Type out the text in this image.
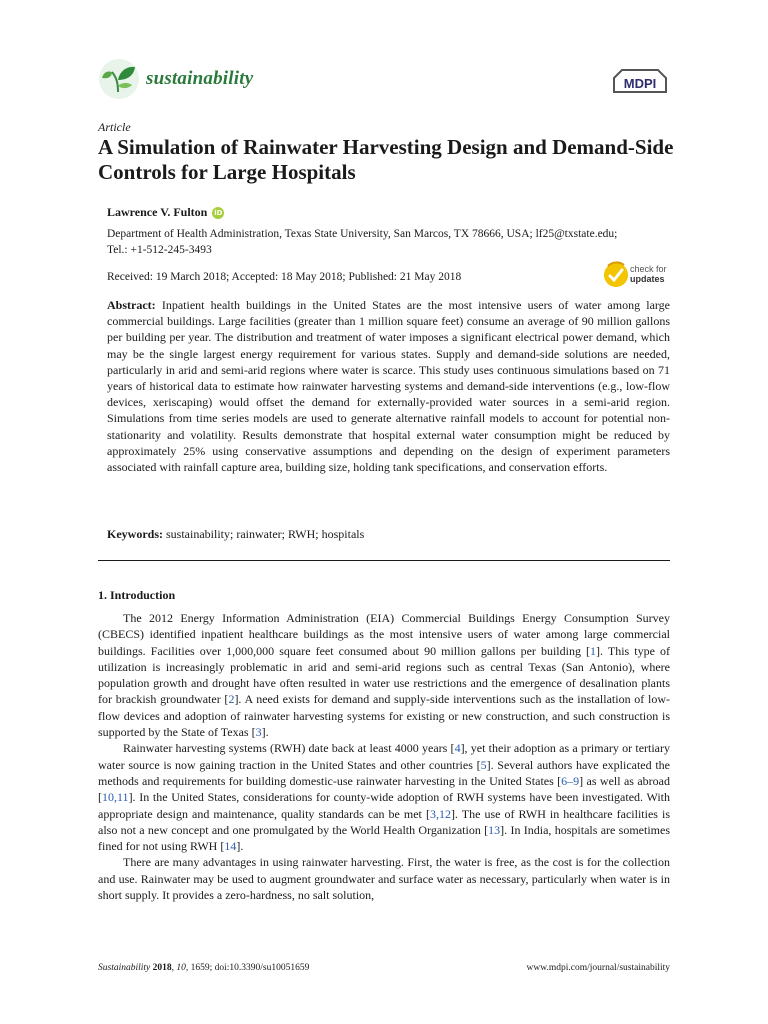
sustainability	MDPI
Article
A Simulation of Rainwater Harvesting Design and Demand-Side Controls for Large Hospitals
Lawrence V. Fulton iD
Department of Health Administration, Texas State University, San Marcos, TX 78666, USA; lf25@txstate.edu;
Tel.: +1-512-245-3493
Received: 19 March 2018; Accepted: 18 May 2018; Published: 21 May 2018
check for
updates

Abstract: Inpatient health buildings in the United States are the most intensive users of water among large commercial buildings. Large facilities (greater than 1 million square feet) consume an average of 90 million gallons per building per year. The distribution and treatment of water imposes a significant electrical power demand, which may be the single largest energy requirement for various states. Supply and demand-side solutions are needed, particularly in arid and semi-arid regions where water is scarce. This study uses continuous simulations based on 71 years of historical data to estimate how rainwater harvesting systems and demand-side interventions (e.g., low-flow devices, xeriscaping) would offset the demand for externally-provided water sources in a semi-arid region. Simulations from time series models are used to generate alternative rainfall models to account for potential non-stationarity and volatility. Results demonstrate that hospital external water consumption might be reduced by approximately 25% using conservative assumptions and depending on the design of experiment parameters associated with rainfall capture area, building size, holding tank specifications, and conservation efforts.

Keywords: sustainability; rainwater; RWH; hospitals

1. Introduction

The 2012 Energy Information Administration (EIA) Commercial Buildings Energy Consumption Survey (CBECS) identified inpatient healthcare buildings as the most intensive users of water among large commercial buildings. Facilities over 1,000,000 square feet consumed about 90 million gallons per building [1]. This type of utilization is increasingly problematic in arid and semi-arid regions such as central Texas (San Antonio), where population growth and drought have often resulted in water use restrictions and the emergence of desalination plants for brackish groundwater [2]. A need exists for demand and supply-side interventions such as the installation of low-flow devices and adoption of rainwater harvesting systems for existing or new construction, and such construction is supported by the State of Texas [3].

Rainwater harvesting systems (RWH) date back at least 4000 years [4], yet their adoption as a primary or tertiary water source is now gaining traction in the United States and other countries [5]. Several authors have explicated the methods and requirements for building domestic-use rainwater harvesting in the United States [6–9] as well as abroad [10,11]. In the United States, considerations for county-wide adoption of RWH systems have been investigated. With appropriate design and maintenance, quality standards can be met [3,12]. The use of RWH in healthcare facilities is also not a new concept and one promulgated by the World Health Organization [13]. In India, hospitals are sometimes fined for not using RWH [14].

There are many advantages in using rainwater harvesting. First, the water is free, as the cost is for the collection and use. Rainwater may be used to augment groundwater and surface water as necessary, particularly when water is in short supply. It provides a zero-hardness, no salt solution,

Sustainability 2018, 10, 1659; doi:10.3390/su10051659	www.mdpi.com/journal/sustainability
